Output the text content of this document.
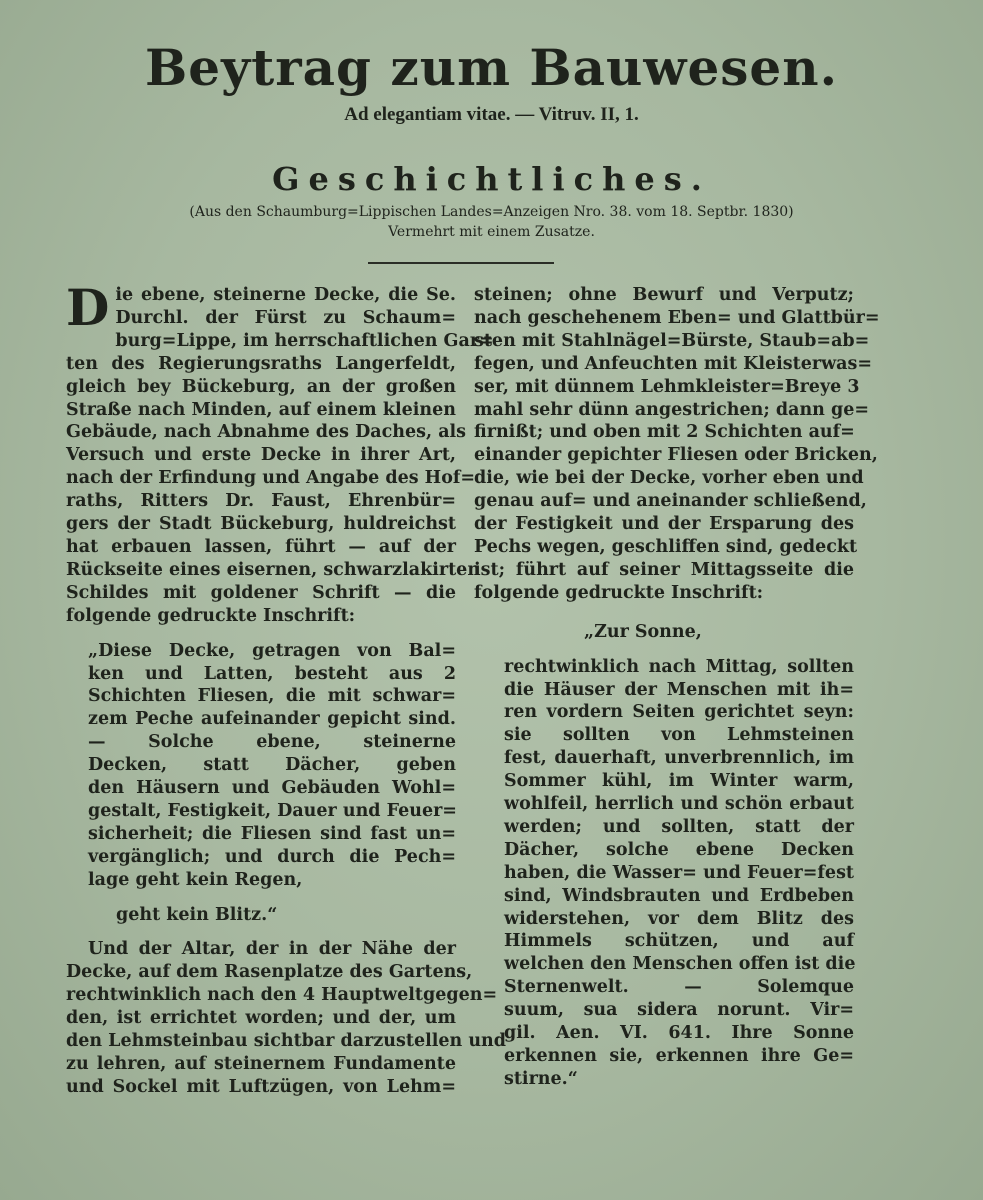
Beytrag zum Bauwesen.
Ad elegantiam vitae. — Vitruv. II, 1.
Geschichtliches.
(Aus den Schaumburg=Lippischen Landes=Anzeigen Nro. 38. vom 18. Septbr. 1830)
Vermehrt mit einem Zusatze.

D ie ebene, steinerne Decke, die Se.
Durchl. der Fürst zu Schaum=
burg=Lippe, im herrschaftlichen Gar=
ten des Regierungsraths Langerfeldt,
gleich bey Bückeburg, an der großen
Straße nach Minden, auf einem kleinen
Gebäude, nach Abnahme des Daches, als
Versuch und erste Decke in ihrer Art,
nach der Erfindung und Angabe des Hof=
raths, Ritters Dr. Faust, Ehrenbür=
gers der Stadt Bückeburg, huldreichst
hat erbauen lassen, führt — auf der
Rückseite eines eisernen, schwarzlakirten
Schildes mit goldener Schrift — die
folgende gedruckte Inschrift:

„Diese Decke, getragen von Bal=
ken und Latten, besteht aus 2
Schichten Fliesen, die mit schwar=
zem Peche aufeinander gepicht sind.
— Solche ebene, steinerne
Decken, statt Dächer, geben
den Häusern und Gebäuden Wohl=
gestalt, Festigkeit, Dauer und Feuer=
sicherheit; die Fliesen sind fast un=
vergänglich; und durch die Pech=
lage geht kein Regen,

geht kein Blitz.“

Und der Altar, der in der Nähe der
Decke, auf dem Rasenplatze des Gartens,
rechtwinklich nach den 4 Hauptweltgegen=
den, ist errichtet worden; und der, um
den Lehmsteinbau sichtbar darzustellen und
zu lehren, auf steinernem Fundamente
und Sockel mit Luftzügen, von Lehm=

steinen; ohne Bewurf und Verputz;
nach geschehenem Eben= und Glattbür=
sten mit Stahlnägel=Bürste, Staub=ab=
fegen, und Anfeuchten mit Kleisterwas=
ser, mit dünnem Lehmkleister=Breye 3
mahl sehr dünn angestrichen; dann ge=
firnißt; und oben mit 2 Schichten auf=
einander gepichter Fliesen oder Bricken,
die, wie bei der Decke, vorher eben und
genau auf= und aneinander schließend,
der Festigkeit und der Ersparung des
Pechs wegen, geschliffen sind, gedeckt
ist; führt auf seiner Mittagsseite die
folgende gedruckte Inschrift:

„Zur Sonne,

rechtwinklich nach Mittag, sollten
die Häuser der Menschen mit ih=
ren vordern Seiten gerichtet seyn:
sie sollten von Lehmsteinen
fest, dauerhaft, unverbrennlich, im
Sommer kühl, im Winter warm,
wohlfeil, herrlich und schön erbaut
werden; und sollten, statt der
Dächer, solche ebene Decken
haben, die Wasser= und Feuer=fest
sind, Windsbrauten und Erdbeben
widerstehen, vor dem Blitz des
Himmels schützen, und auf
welchen den Menschen offen ist die
Sternenwelt. — Solemque
suum, sua sidera norunt. Vir=
gil. Aen. VI. 641. Ihre Sonne
erkennen sie, erkennen ihre Ge=
stirne.“
